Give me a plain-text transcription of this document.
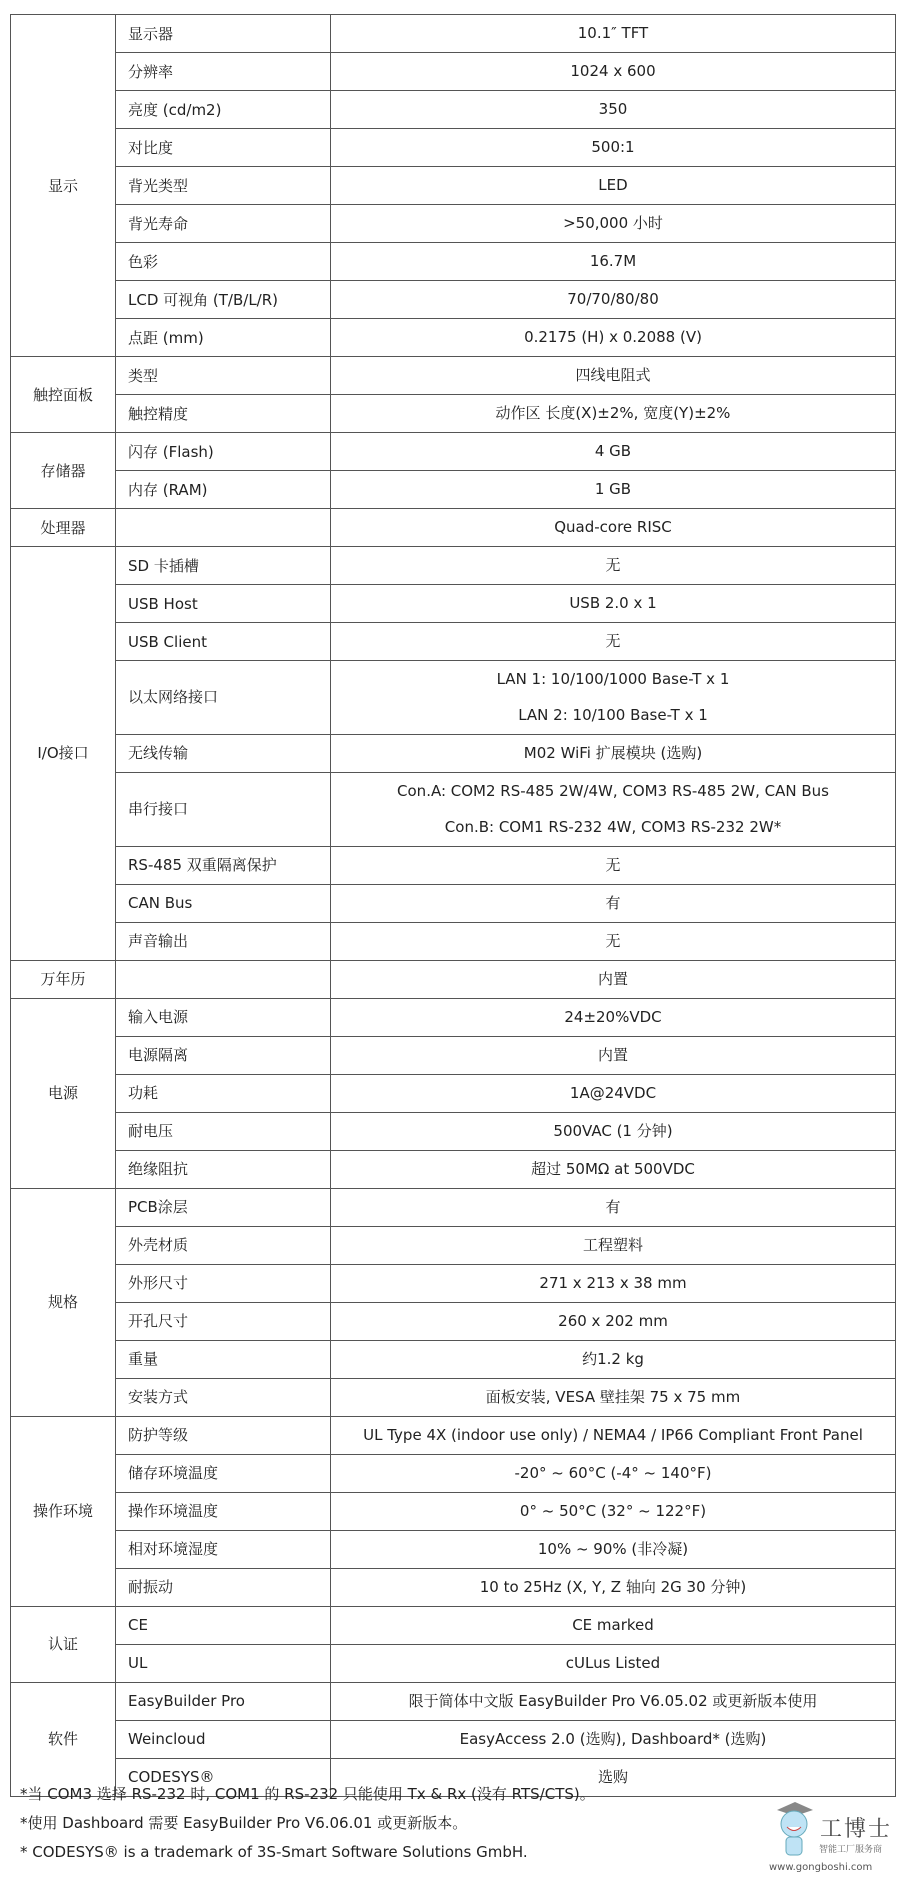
显示	显示器	10.1″ TFT

	分辨率	1024 x 600

	亮度 (cd/m2)	350

	对比度	500:1

	背光类型	LED

	背光寿命	>50,000 小时

	色彩	16.7M

	LCD 可视角 (T/B/L/R)	70/70/80/80

	点距 (mm)	0.2175 (H) x 0.2088 (V)

触控面板	类型	四线电阻式

	触控精度	动作区 长度(X)±2%, 宽度(Y)±2%

存储器	闪存 (Flash)	4 GB

	内存 (RAM)	1 GB

处理器		Quad-core RISC

I/O接口	SD 卡插槽	无

	USB Host	USB 2.0 x 1

	USB Client	无

	以太网络接口	LAN 1: 10/100/1000 Base-T x 1
LAN 2: 10/100 Base-T x 1

	无线传输	M02 WiFi 扩展模块 (选购)

	串行接口	Con.A: COM2 RS-485 2W/4W, COM3 RS-485 2W, CAN Bus
Con.B: COM1 RS-232 4W, COM3 RS-232 2W*

	RS-485 双重隔离保护	无

	CAN Bus	有

	声音输出	无

万年历		内置

电源	输入电源	24±20%VDC

	电源隔离	内置

	功耗	1A@24VDC

	耐电压	500VAC (1 分钟)

	绝缘阻抗	超过 50MΩ at 500VDC

规格	PCB涂层	有

	外壳材质	工程塑料

	外形尺寸	271 x 213 x 38 mm

	开孔尺寸	260 x 202 mm

	重量	约1.2 kg

	安装方式	面板安装, VESA 壁挂架 75 x 75 mm

操作环境	防护等级	UL Type 4X (indoor use only) / NEMA4 / IP66 Compliant Front Panel

	储存环境温度	-20° ~ 60°C (-4° ~ 140°F)

	操作环境温度	0° ~ 50°C (32° ~ 122°F)

	相对环境湿度	10% ~ 90% (非冷凝)

	耐振动	10 to 25Hz (X, Y, Z 轴向 2G 30 分钟)

认证	CE	CE marked

	UL	cULus Listed

软件	EasyBuilder Pro	限于简体中文版 EasyBuilder Pro V6.05.02 或更新版本使用

	Weincloud	EasyAccess 2.0 (选购), Dashboard* (选购)

	CODESYS®	选购
*当 COM3 选择 RS-232 时, COM1 的 RS-232 只能使用 Tx & Rx (没有 RTS/CTS)。
*使用 Dashboard 需要 EasyBuilder Pro V6.06.01 或更新版本。
* CODESYS® is a trademark of 3S-Smart Software Solutions GmbH.
工博士
智能工厂服务商
www.gongboshi.com
